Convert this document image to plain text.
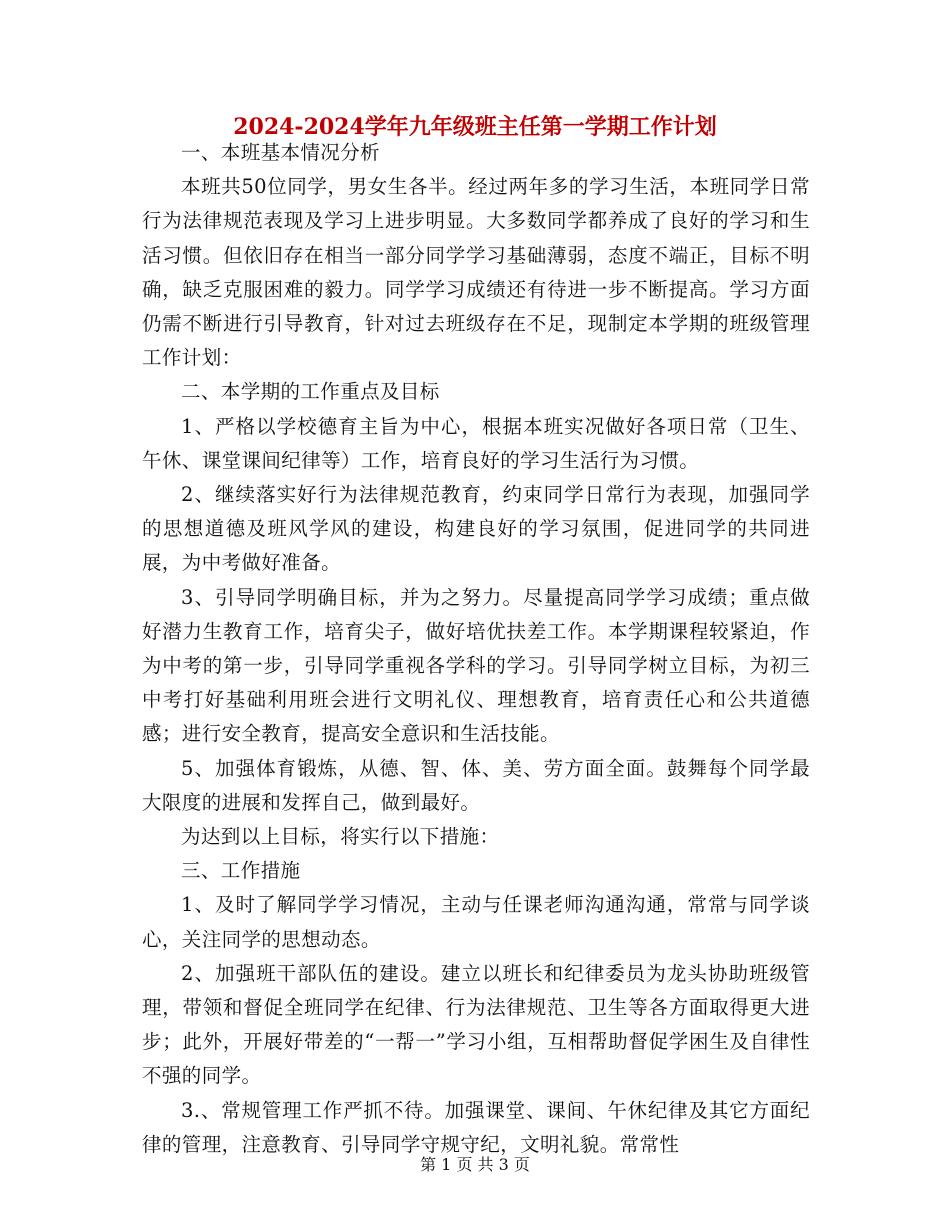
2024-2024学年九年级班主任第一学期工作计划

一、本班基本情况分析

本班共50位同学，男女生各半。经过两年多的学习生活，本班同学日常行为法律规范表现及学习上进步明显。大多数同学都养成了良好的学习和生活习惯。但依旧存在相当一部分同学学习基础薄弱，态度不端正，目标不明确，缺乏克服困难的毅力。同学学习成绩还有待进一步不断提高。学习方面仍需不断进行引导教育，针对过去班级存在不足，现制定本学期的班级管理工作计划：

二、本学期的工作重点及目标

1、严格以学校德育主旨为中心，根据本班实况做好各项日常（卫生、午休、课堂课间纪律等）工作，培育良好的学习生活行为习惯。

2、继续落实好行为法律规范教育，约束同学日常行为表现，加强同学的思想道德及班风学风的建设，构建良好的学习氛围，促进同学的共同进展，为中考做好准备。

3、引导同学明确目标，并为之努力。尽量提高同学学习成绩；重点做好潜力生教育工作，培育尖子，做好培优扶差工作。本学期课程较紧迫，作为中考的第一步，引导同学重视各学科的学习。引导同学树立目标，为初三中考打好基础利用班会进行文明礼仪、理想教育，培育责任心和公共道德感；进行安全教育，提高安全意识和生活技能。

5、加强体育锻炼，从德、智、体、美、劳方面全面。鼓舞每个同学最大限度的进展和发挥自己，做到最好。

为达到以上目标，将实行以下措施：

三、工作措施

1、及时了解同学学习情况，主动与任课老师沟通沟通，常常与同学谈心，关注同学的思想动态。

2、加强班干部队伍的建设。建立以班长和纪律委员为龙头协助班级管理，带领和督促全班同学在纪律、行为法律规范、卫生等各方面取得更大进步；此外，开展好带差的“一帮一”学习小组，互相帮助督促学困生及自律性不强的同学。

3.、常规管理工作严抓不待。加强课堂、课间、午休纪律及其它方面纪律的管理，注意教育、引导同学守规守纪，文明礼貌。常常性

第 1 页 共 3 页
